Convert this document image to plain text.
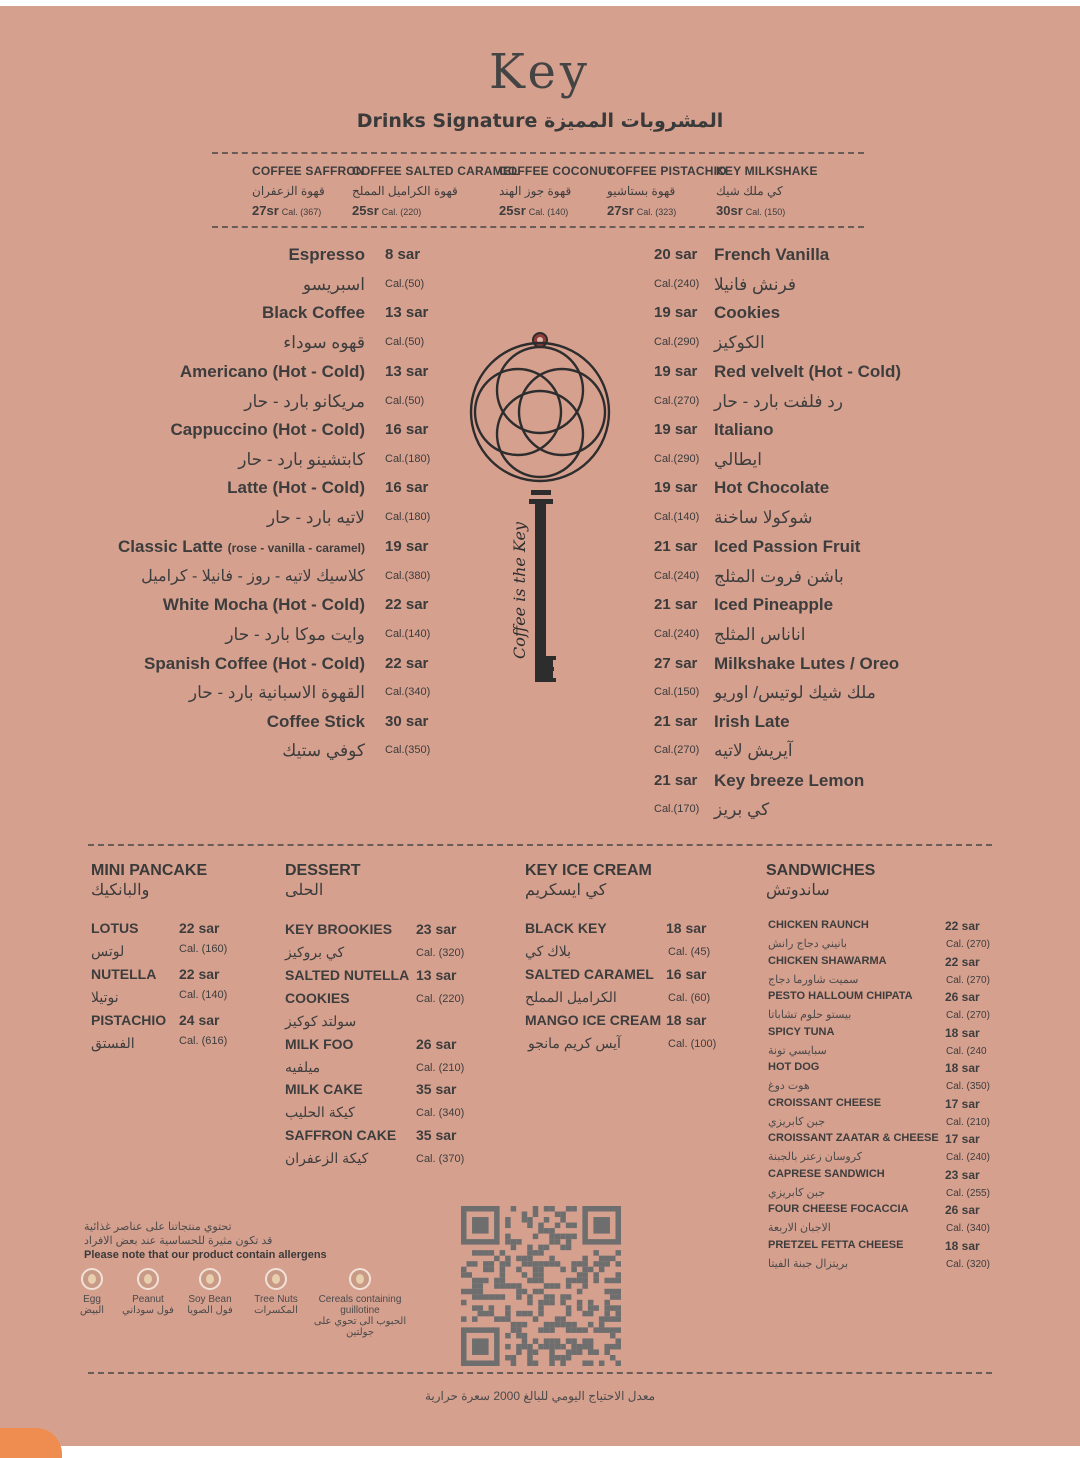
Key
Drinks Signature المشروبات المميزة
COFFEE SAFFRON
قهوة الزعفران
27sr Cal. (367)
COFFEE SALTED CARAMEL
قهوة الكراميل المملح
25sr Cal. (220)
COFFEE COCONUT
قهوة جوز الهند
25sr Cal. (140)
COFFEE PISTACHIO
قهوة بستاشيو
27sr Cal. (323)
KEY MILKSHAKE
كي ملك شيك
30sr Cal. (150)
Espresso 8 sar
اسبريسو Cal.(50)
Black Coffee 13 sar
قهوه سوداء Cal.(50)
Americano (Hot - Cold) 13 sar
مريكانو بارد - حار Cal.(50)
Cappuccino (Hot - Cold) 16 sar
كابتشينو بارد - حار Cal.(180)
Latte (Hot - Cold) 16 sar
لاتيه بارد - حار Cal.(180)
Classic Latte (rose - vanilla - caramel) 19 sar
كلاسيك لاتيه - روز - فانيلا - كراميل Cal.(380)
White Mocha (Hot - Cold) 22 sar
وايت موكا بارد - حار Cal.(140)
Spanish Coffee (Hot - Cold) 22 sar
القهوة الاسبانية بارد - حار Cal.(340)
Coffee Stick 30 sar
كوفي ستيك Cal.(350)
Coffee is the Key
20 sar French Vanilla
Cal.(240) فرنش فانيلا
19 sar Cookies
Cal.(290) الكوكيز
19 sar Red velvelt (Hot - Cold)
Cal.(270) رد فلفت بارد - حار
19 sar Italiano
Cal.(290) ايطالي
19 sar Hot Chocolate
Cal.(140) شوكولا ساخنة
21 sar Iced Passion Fruit
Cal.(240) باشن فروت المثلج
21 sar Iced Pineapple
Cal.(240) اناناس المثلج
27 sar Milkshake Lutes / Oreo
Cal.(150) ملك شيك لوتيس/ اوريو
21 sar Irish Late
Cal.(270) آيريش لاتيه
21 sar Key breeze Lemon
Cal.(170) كي بريز
MINI PANCAKE
والبانكيك
DESSERT
الحلى
KEY ICE CREAM
كي ايسكريم
SANDWICHES
ساندوتش
LOTUS	22 sar
لوتس	Cal. (160)
NUTELLA 22 sar
نوتيلا	Cal. (140)
PISTACHIO 24 sar
الفستق	Cal. (616)
KEY BROOKIES 23 sar
كي بروكيز	Cal. (320)
SALTED NUTELLA 13 sar
COOKIES	Cal. (220)
سولتد كوكيز
MILK FOO	26 sar
ميلفيه	Cal. (210)
MILK CAKE	35 sar
كيكة الحليب	Cal. (340)
SAFFRON CAKE 35 sar
كيكة الزعفران	Cal. (370)
BLACK KEY	18 sar
بلاك كي	Cal. (45)
SALTED CARAMEL 16 sar
الكراميل المملح	Cal. (60)
MANGO ICE CREAM 18 sar
آيس كريم مانجو	Cal. (100)
CHICKEN RAUNCH	22 sar
بانيني دجاج رانش	Cal. (270)
CHICKEN SHAWARMA	22 sar
سميت شاورما دجاج	Cal. (270)
PESTO HALLOUM CHIPATA	26 sar
بيستو حلوم تشاباتا	Cal. (270)
SPICY TUNA	18 sar
سبايسي تونة	Cal. (240
HOT DOG	18 sar
هوت دوغ	Cal. (350)
CROISSANT CHEESE	17 sar
جبن كابريزي	Cal. (210)
CROISSANT ZAATAR & CHEESE 17 sar
كروسان زعتر بالجبنة	Cal. (240)
CAPRESE SANDWICH	23 sar
جبن كابريزي	Cal. (255)
FOUR CHEESE FOCACCIA	26 sar
الاجبان الاربعة	Cal. (340)
PRETZEL FETTA CHEESE	18 sar
بريتزال جبنة الفيتا	Cal. (320)
تحتوي منتجاتنا على عناصر غذائية
قد تكون مثيرة للحساسية عند بعض الافراد
Please note that our product contain allergens
Egg
البيض
Peanut
فول سوداني
Soy Bean
فول الصويا
Tree Nuts
المكسرات
Cereals containing guillotine
الحبوب الى تحوي على جولتين
معدل الاحتياج اليومي للبالغ 2000 سعرة حرارية
